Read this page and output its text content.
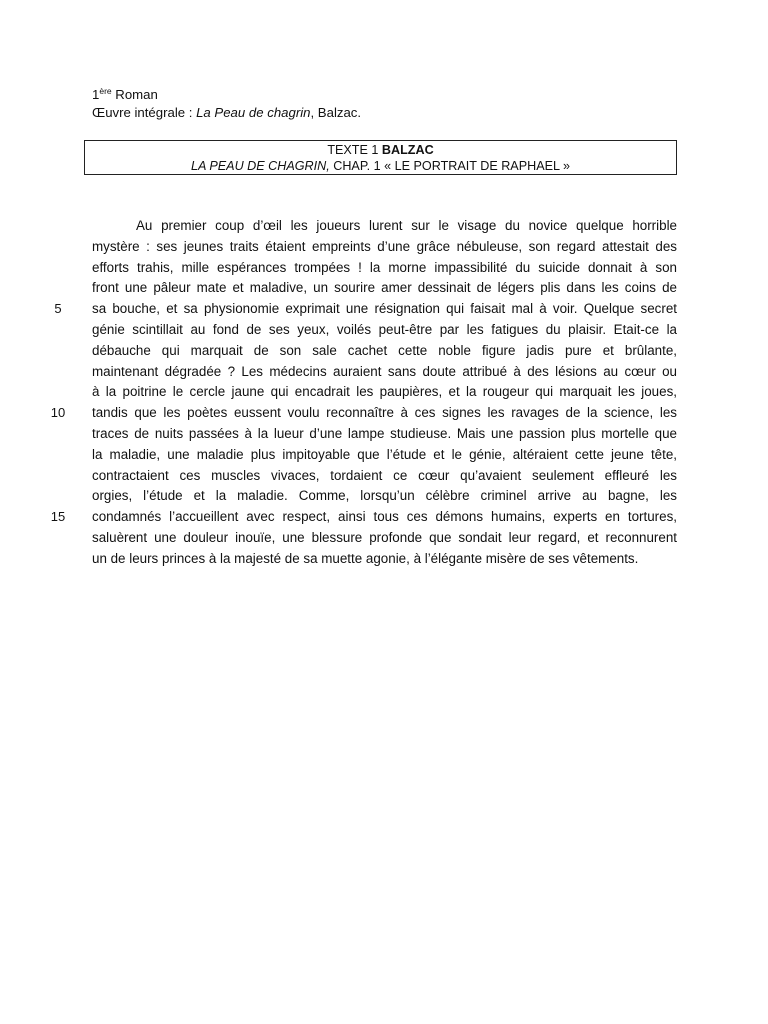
1ère Roman
Œuvre intégrale : La Peau de chagrin, Balzac.
TEXTE 1 BALZAC
LA PEAU DE CHAGRIN, CHAP. 1 « LE PORTRAIT DE RAPHAEL »
5
10
15
Au premier coup d’œil les joueurs lurent sur le visage du novice quelque horrible
mystère : ses jeunes traits étaient empreints d’une grâce nébuleuse, son regard attestait des
efforts trahis, mille espérances trompées ! la morne impassibilité du suicide donnait à son
front une pâleur mate et maladive, un sourire amer dessinait de légers plis dans les coins de
sa bouche, et sa physionomie exprimait une résignation qui faisait mal à voir. Quelque secret
génie scintillait au fond de ses yeux, voilés peut-être par les fatigues du plaisir. Etait-ce la
débauche qui marquait de son sale cachet cette noble figure jadis pure et brûlante,
maintenant dégradée ? Les médecins auraient sans doute attribué à des lésions au cœur ou
à la poitrine le cercle jaune qui encadrait les paupières, et la rougeur qui marquait les joues,
tandis que les poètes eussent voulu reconnaître à ces signes les ravages de la science, les
traces de nuits passées à la lueur d’une lampe studieuse. Mais une passion plus mortelle que
la maladie, une maladie plus impitoyable que l’étude et le génie, altéraient cette jeune tête,
contractaient ces muscles vivaces, tordaient ce cœur qu’avaient seulement effleuré les
orgies, l’étude et la maladie. Comme, lorsqu’un célèbre criminel arrive au bagne, les
condamnés l’accueillent avec respect, ainsi tous ces démons humains, experts en tortures,
saluèrent une douleur inouïe, une blessure profonde que sondait leur regard, et reconnurent
un de leurs princes à la majesté de sa muette agonie, à l’élégante misère de ses vêtements.
